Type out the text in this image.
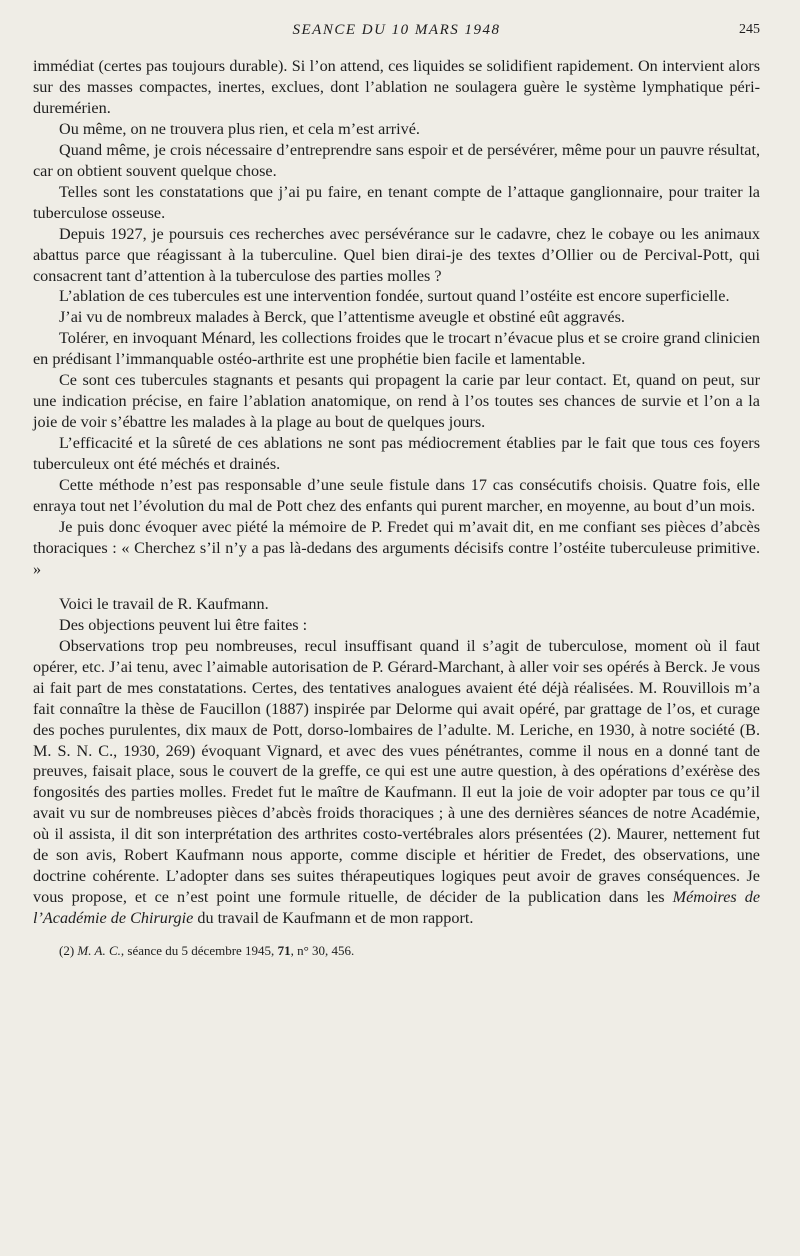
SEANCE DU 10 MARS 1948	245

immédiat (certes pas toujours durable). Si l’on attend, ces liquides se solidifient rapidement. On intervient alors sur des masses compactes, inertes, exclues, dont l’ablation ne soulagera guère le système lymphatique péri-duremérien.

Ou même, on ne trouvera plus rien, et cela m’est arrivé.

Quand même, je crois nécessaire d’entreprendre sans espoir et de persévérer, même pour un pauvre résultat, car on obtient souvent quelque chose.

Telles sont les constatations que j’ai pu faire, en tenant compte de l’attaque ganglionnaire, pour traiter la tuberculose osseuse.

Depuis 1927, je poursuis ces recherches avec persévérance sur le cadavre, chez le cobaye ou les animaux abattus parce que réagissant à la tuberculine. Quel bien dirai-je des textes d’Ollier ou de Percival-Pott, qui consacrent tant d’attention à la tuberculose des parties molles ?

L’ablation de ces tubercules est une intervention fondée, surtout quand l’ostéite est encore superficielle.

J’ai vu de nombreux malades à Berck, que l’attentisme aveugle et obstiné eût aggravés.

Tolérer, en invoquant Ménard, les collections froides que le trocart n’évacue plus et se croire grand clinicien en prédisant l’immanquable ostéo-arthrite est une prophétie bien facile et lamentable.

Ce sont ces tubercules stagnants et pesants qui propagent la carie par leur contact. Et, quand on peut, sur une indication précise, en faire l’ablation anatomique, on rend à l’os toutes ses chances de survie et l’on a la joie de voir s’ébattre les malades à la plage au bout de quelques jours.

L’efficacité et la sûreté de ces ablations ne sont pas médiocrement établies par le fait que tous ces foyers tuberculeux ont été méchés et drainés.

Cette méthode n’est pas responsable d’une seule fistule dans 17 cas consécutifs choisis. Quatre fois, elle enraya tout net l’évolution du mal de Pott chez des enfants qui purent marcher, en moyenne, au bout d’un mois.

Je puis donc évoquer avec piété la mémoire de P. Fredet qui m’avait dit, en me confiant ses pièces d’abcès thoraciques : « Cherchez s’il n’y a pas là-dedans des arguments décisifs contre l’ostéite tuberculeuse primitive. »

Voici le travail de R. Kaufmann.

Des objections peuvent lui être faites :

Observations trop peu nombreuses, recul insuffisant quand il s’agit de tuberculose, moment où il faut opérer, etc. J’ai tenu, avec l’aimable autorisation de P. Gérard-Marchant, à aller voir ses opérés à Berck. Je vous ai fait part de mes constatations. Certes, des tentatives analogues avaient été déjà réalisées. M. Rouvillois m’a fait connaître la thèse de Faucillon (1887) inspirée par Delorme qui avait opéré, par grattage de l’os, et curage des poches purulentes, dix maux de Pott, dorso-lombaires de l’adulte. M. Leriche, en 1930, à notre société (B. M. S. N. C., 1930, 269) évoquant Vignard, et avec des vues pénétrantes, comme il nous en a donné tant de preuves, faisait place, sous le couvert de la greffe, ce qui est une autre question, à des opérations d’exérèse des fongosités des parties molles. Fredet fut le maître de Kaufmann. Il eut la joie de voir adopter par tous ce qu’il avait vu sur de nombreuses pièces d’abcès froids thoraciques ; à une des dernières séances de notre Académie, où il assista, il dit son interprétation des arthrites costo-vertébrales alors présentées (2). Maurer, nettement fut de son avis, Robert Kaufmann nous apporte, comme disciple et héritier de Fredet, des observations, une doctrine cohérente. L’adopter dans ses suites thérapeutiques logiques peut avoir de graves conséquences. Je vous propose, et ce n’est point une formule rituelle, de décider de la publication dans les Mémoires de l’Académie de Chirurgie du travail de Kaufmann et de mon rapport.

(2) M. A. C., séance du 5 décembre 1945, 71, n° 30, 456.
